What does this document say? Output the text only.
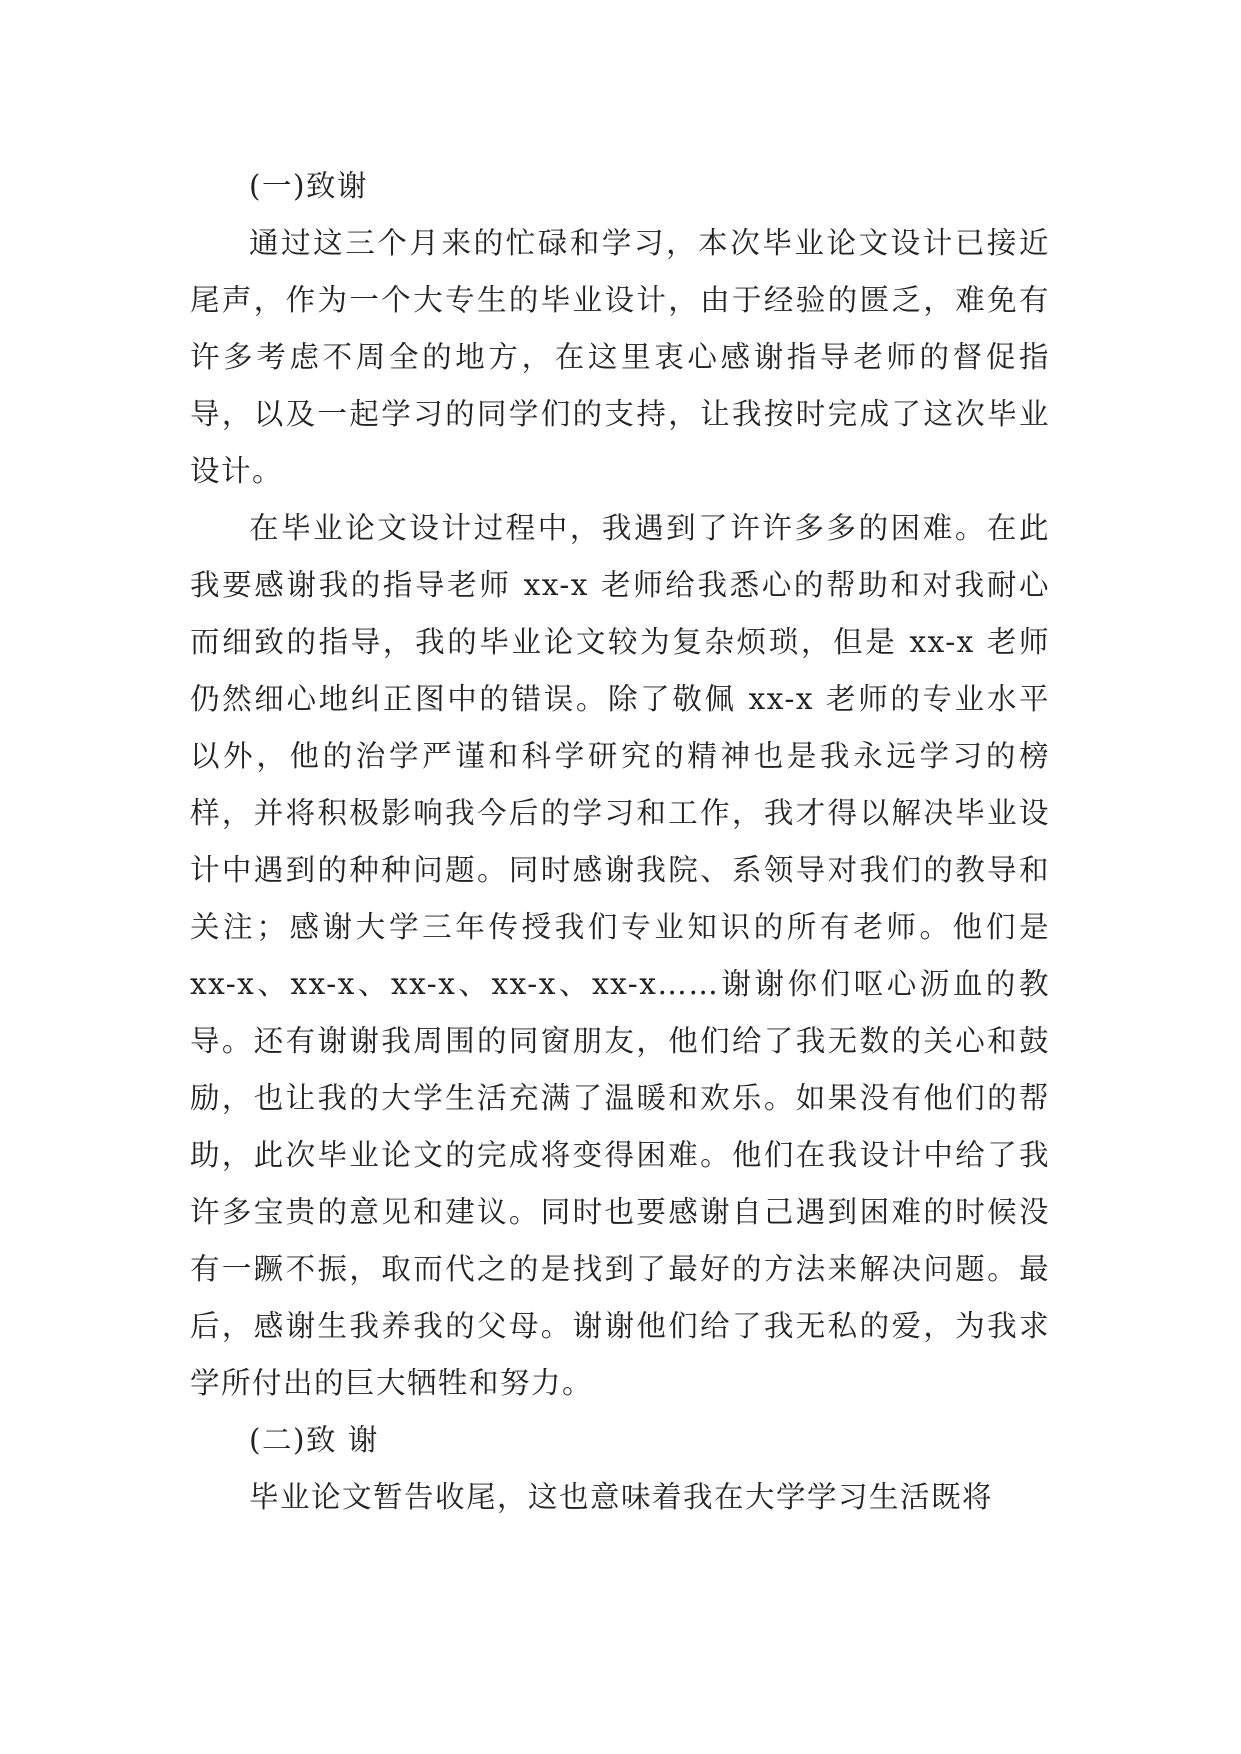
(一)致谢

通过这三个月来的忙碌和学习，本次毕业论文设计已接近尾声，作为一个大专生的毕业设计，由于经验的匮乏，难免有许多考虑不周全的地方，在这里衷心感谢指导老师的督促指导，以及一起学习的同学们的支持，让我按时完成了这次毕业设计。

在毕业论文设计过程中，我遇到了许许多多的困难。在此我要感谢我的指导老师 xx-x 老师给我悉心的帮助和对我耐心而细致的指导，我的毕业论文较为复杂烦琐，但是 xx-x 老师仍然细心地纠正图中的错误。除了敬佩 xx-x 老师的专业水平以外，他的治学严谨和科学研究的精神也是我永远学习的榜样，并将积极影响我今后的学习和工作，我才得以解决毕业设计中遇到的种种问题。同时感谢我院、系领导对我们的教导和关注；感谢大学三年传授我们专业知识的所有老师。他们是 xx-x、xx-x、xx-x、xx-x、xx-x……谢谢你们呕心沥血的教导。还有谢谢我周围的同窗朋友，他们给了我无数的关心和鼓励，也让我的大学生活充满了温暖和欢乐。如果没有他们的帮助，此次毕业论文的完成将变得困难。他们在我设计中给了我许多宝贵的意见和建议。同时也要感谢自己遇到困难的时候没有一蹶不振，取而代之的是找到了最好的方法来解决问题。最后，感谢生我养我的父母。谢谢他们给了我无私的爱，为我求学所付出的巨大牺牲和努力。

(二)致 谢

毕业论文暂告收尾，这也意味着我在大学学习生活既将
